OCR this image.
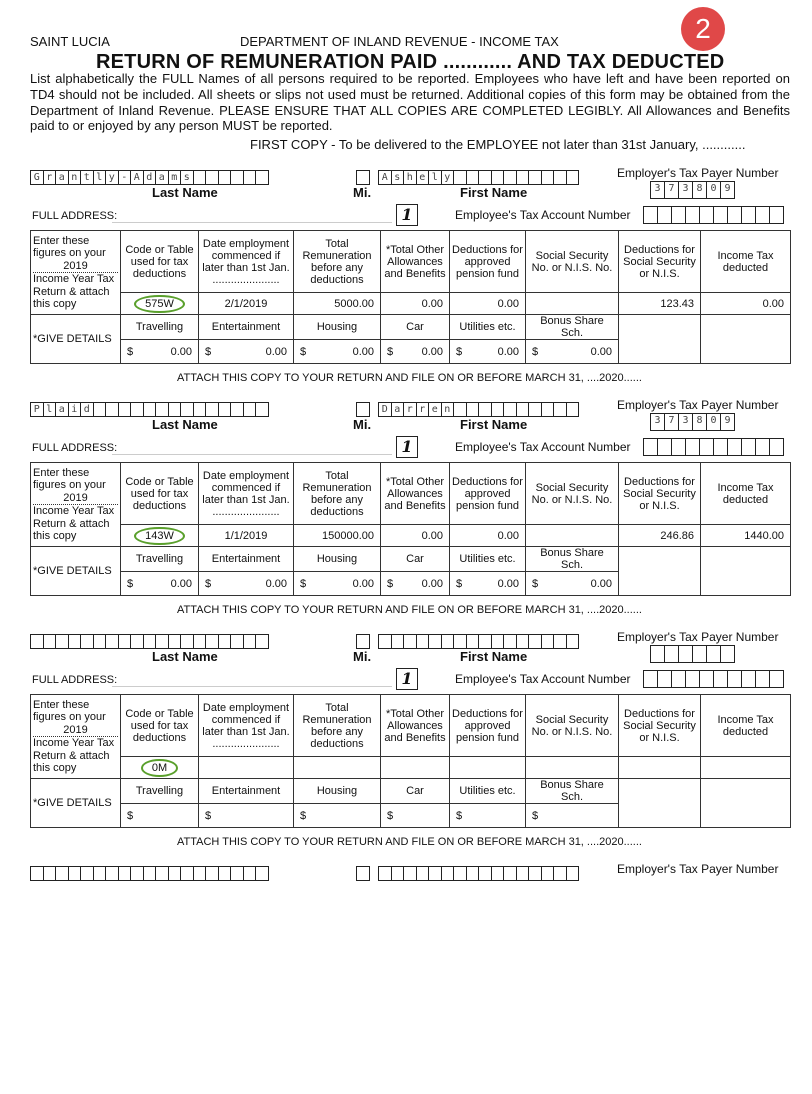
SAINT LUCIA	DEPARTMENT OF INLAND REVENUE - INCOME TAX	2
RETURN OF REMUNERATION PAID ............ AND TAX DEDUCTED
List alphabetically the FULL Names of all persons required to be reported. Employees who have left and have been reported on TD4 should not be included. All sheets or slips not used must be returned. Additional copies of this form may be obtained from the Department of Inland Revenue. PLEASE ENSURE THAT ALL COPIES ARE COMPLETED LEGIBLY. All Allowances and Benefits paid to or enjoyed by any person MUST be reported.
FIRST COPY - To be delivered to the EMPLOYEE not later than 31st January, ............
G r a n t l y - A d a m s	A s h e l y	Employer's Tax Payer Number
3 7 3 8 0 9
Last Name	Mi.	First Name
FULL ADDRESS:	1	Employee's Tax Account Number
Enter these figures on your
2019
Income Year Tax Return & attach this copy	Code or Table used for tax deductions	Date employment commenced if later than 1st Jan.
......................	Total Remuneration before any deductions	*Total Other Allowances and Benefits	Deductions for approved pension fund	Social Security No. or N.I.S. No.	Deductions for Social Security or N.I.S.	Income Tax deducted
	575W	2/1/2019	5000.00	0.00	0.00		123.43	0.00
*GIVE DETAILS	Travelling	Entertainment	Housing	Car	Utilities etc.	Bonus Share Sch.		

	$ 0.00	$ 0.00	$ 0.00	$ 0.00	$ 0.00	$ 0.00		
ATTACH THIS COPY TO YOUR RETURN AND FILE ON OR BEFORE MARCH 31, ....2020......
P l a i d	D a r r e n	Employer's Tax Payer Number
3 7 3 8 0 9
Last Name	Mi.	First Name
FULL ADDRESS:	1	Employee's Tax Account Number
Enter these figures on your
2019
Income Year Tax Return & attach this copy	Code or Table used for tax deductions	Date employment commenced if later than 1st Jan.
......................	Total Remuneration before any deductions	*Total Other Allowances and Benefits	Deductions for approved pension fund	Social Security No. or N.I.S. No.	Deductions for Social Security or N.I.S.	Income Tax deducted
	143W	1/1/2019	150000.00	0.00	0.00		246.86	1440.00
*GIVE DETAILS	Travelling	Entertainment	Housing	Car	Utilities etc.	Bonus Share Sch.		

	$ 0.00	$ 0.00	$ 0.00	$ 0.00	$ 0.00	$ 0.00		
ATTACH THIS COPY TO YOUR RETURN AND FILE ON OR BEFORE MARCH 31, ....2020......
Employer's Tax Payer Number
Last Name	Mi.	First Name
FULL ADDRESS:	1	Employee's Tax Account Number
Enter these figures on your
2019
Income Year Tax Return & attach this copy	Code or Table used for tax deductions	Date employment commenced if later than 1st Jan.
......................	Total Remuneration before any deductions	*Total Other Allowances and Benefits	Deductions for approved pension fund	Social Security No. or N.I.S. No.	Deductions for Social Security or N.I.S.	Income Tax deducted
	0M							
*GIVE DETAILS	Travelling	Entertainment	Housing	Car	Utilities etc.	Bonus Share Sch.		

	$	$	$	$	$	$		
ATTACH THIS COPY TO YOUR RETURN AND FILE ON OR BEFORE MARCH 31, ....2020......
Employer's Tax Payer Number
